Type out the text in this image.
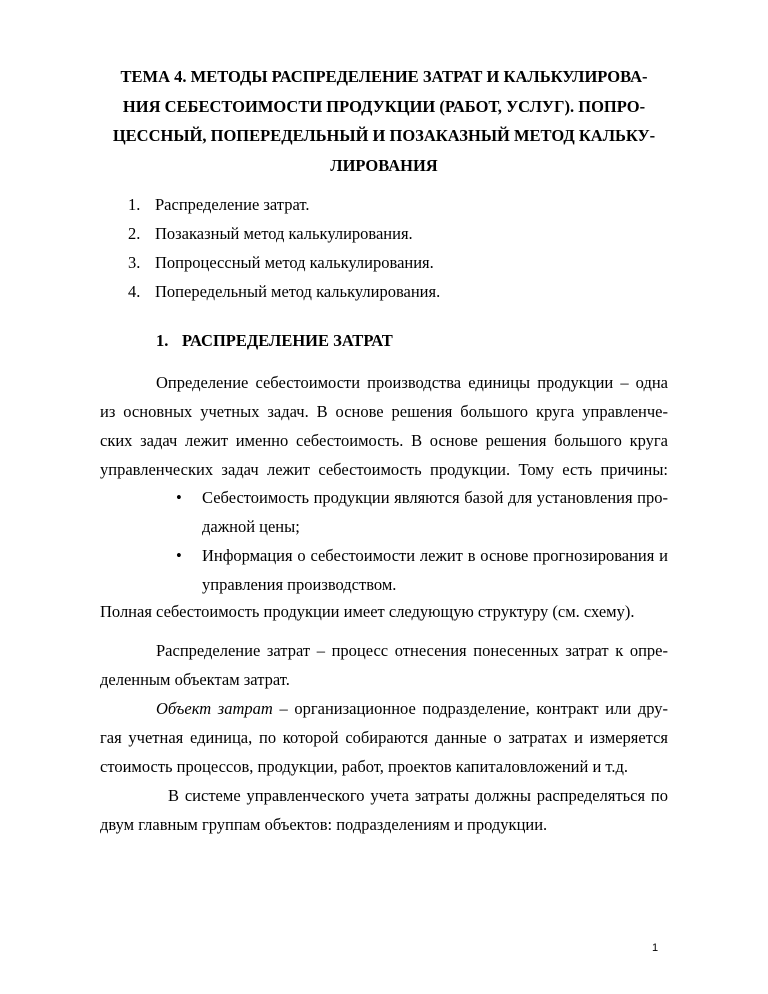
ТЕМА 4. МЕТОДЫ РАСПРЕДЕЛЕНИЕ ЗАТРАТ И КАЛЬКУЛИРОВА-
НИЯ СЕБЕСТОИМОСТИ ПРОДУКЦИИ (РАБОТ, УСЛУГ). ПОПРО-
ЦЕССНЫЙ, ПОПЕРЕДЕЛЬНЫЙ И ПОЗАКАЗНЫЙ МЕТОД КАЛЬКУ-
ЛИРОВАНИЯ
1. Распределение затрат.
2. Позаказный метод калькулирования.
3. Попроцессный метод калькулирования.
4. Попередельный метод калькулирования.
1. РАСПРЕДЕЛЕНИЕ ЗАТРАТ
Определение себестоимости производства единицы продукции – одна
из основных учетных задач. В основе решения большого круга управленче-
ских задач лежит именно себестоимость. В основе решения большого круга
управленческих задач лежит себестоимость продукции. Тому есть причины:
• Себестоимость продукции являются базой для установления про-
дажной цены;
• Информация о себестоимости лежит в основе прогнозирования и
управления производством.
Полная себестоимость продукции имеет следующую структуру (см. схему).
Распределение затрат – процесс отнесения понесенных затрат к опре-
деленным объектам затрат.
Объект затрат – организационное подразделение, контракт или дру-
гая учетная единица, по которой собираются данные о затратах и измеряется
стоимость процессов, продукции, работ, проектов капиталовложений и т.д.
В системе управленческого учета затраты должны распределяться по
двум главным группам объектов: подразделениям и продукции.
1
